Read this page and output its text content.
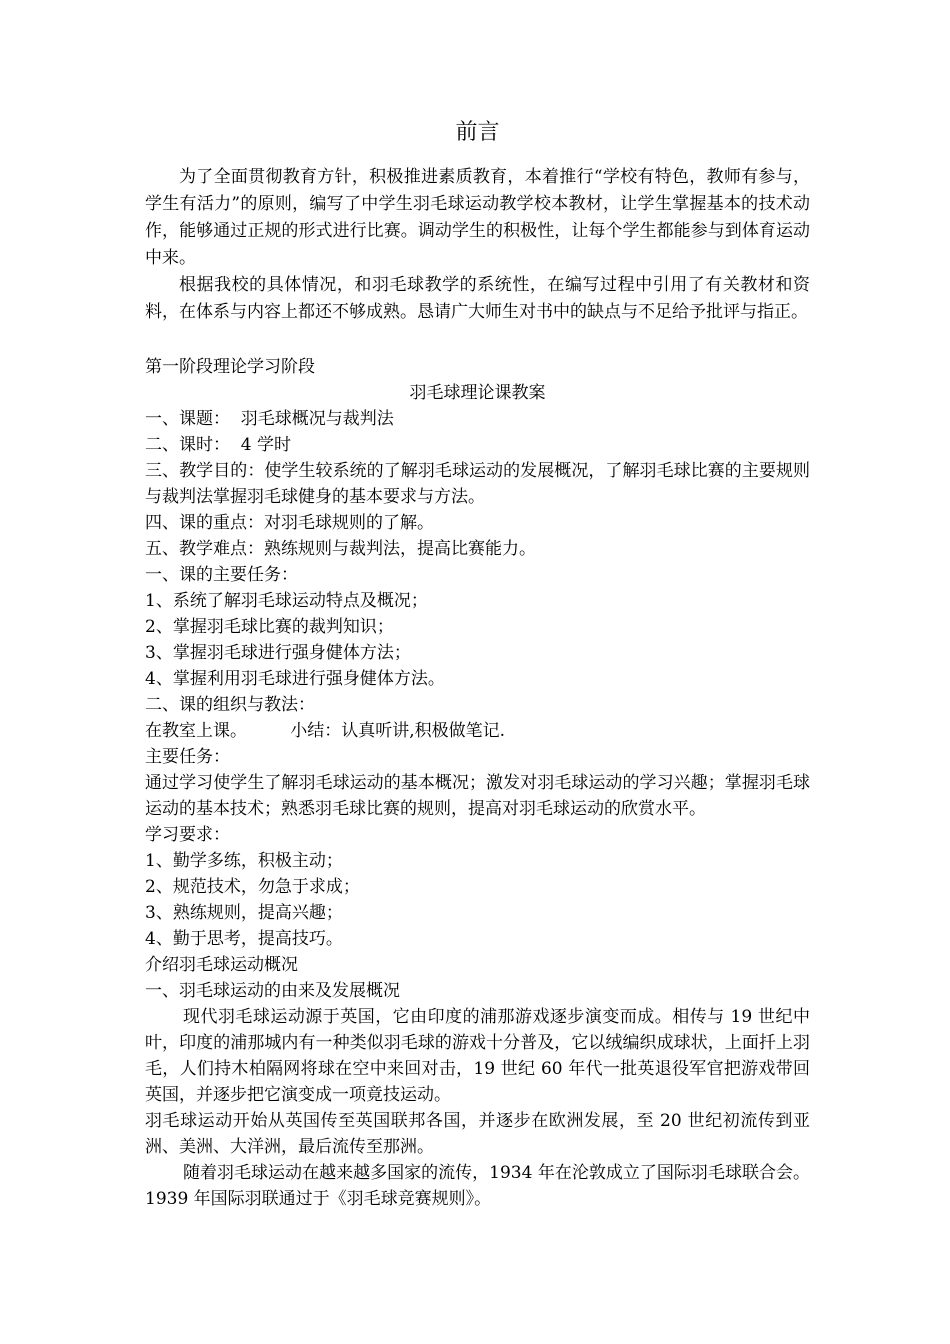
前言

为了全面贯彻教育方针，积极推进素质教育，本着推行“学校有特色，教师有参与，学生有活力”的原则，编写了中学生羽毛球运动教学校本教材，让学生掌握基本的技术动作，能够通过正规的形式进行比赛。调动学生的积极性，让每个学生都能参与到体育运动中来。

根据我校的具体情况，和羽毛球教学的系统性，在编写过程中引用了有关教材和资料，在体系与内容上都还不够成熟。恳请广大师生对书中的缺点与不足给予批评与指正。

第一阶段理论学习阶段

羽毛球理论课教案

一、课题：  羽毛球概况与裁判法

二、课时：  4 学时

三、教学目的：使学生较系统的了解羽毛球运动的发展概况，了解羽毛球比赛的主要规则与裁判法掌握羽毛球健身的基本要求与方法。

四、课的重点：对羽毛球规则的了解。

五、教学难点：熟练规则与裁判法，提高比赛能力。

一、课的主要任务：

1、系统了解羽毛球运动特点及概况；

2、掌握羽毛球比赛的裁判知识；

3、掌握羽毛球进行强身健体方法；

4、掌握利用羽毛球进行强身健体方法。

二、课的组织与教法：

在教室上课。        小结：认真听讲,积极做笔记.

主要任务：

通过学习使学生了解羽毛球运动的基本概况；激发对羽毛球运动的学习兴趣；掌握羽毛球运动的基本技术；熟悉羽毛球比赛的规则，提高对羽毛球运动的欣赏水平。

学习要求：

1、勤学多练，积极主动；

2、规范技术，勿急于求成；

3、熟练规则，提高兴趣；

4、勤于思考，提高技巧。

介绍羽毛球运动概况

一、羽毛球运动的由来及发展概况

现代羽毛球运动源于英国，它由印度的浦那游戏逐步演变而成。相传与 19 世纪中叶，印度的浦那城内有一种类似羽毛球的游戏十分普及，它以绒编织成球状，上面扦上羽毛，人们持木柏隔网将球在空中来回对击，19 世纪 60 年代一批英退役军官把游戏带回英国，并逐步把它演变成一项竟技运动。

羽毛球运动开始从英国传至英国联邦各国，并逐步在欧洲发展，至 20 世纪初流传到亚洲、美洲、大洋洲，最后流传至那洲。

随着羽毛球运动在越来越多国家的流传，1934 年在沦敦成立了国际羽毛球联合会。1939 年国际羽联通过于《羽毛球竞赛规则》。
